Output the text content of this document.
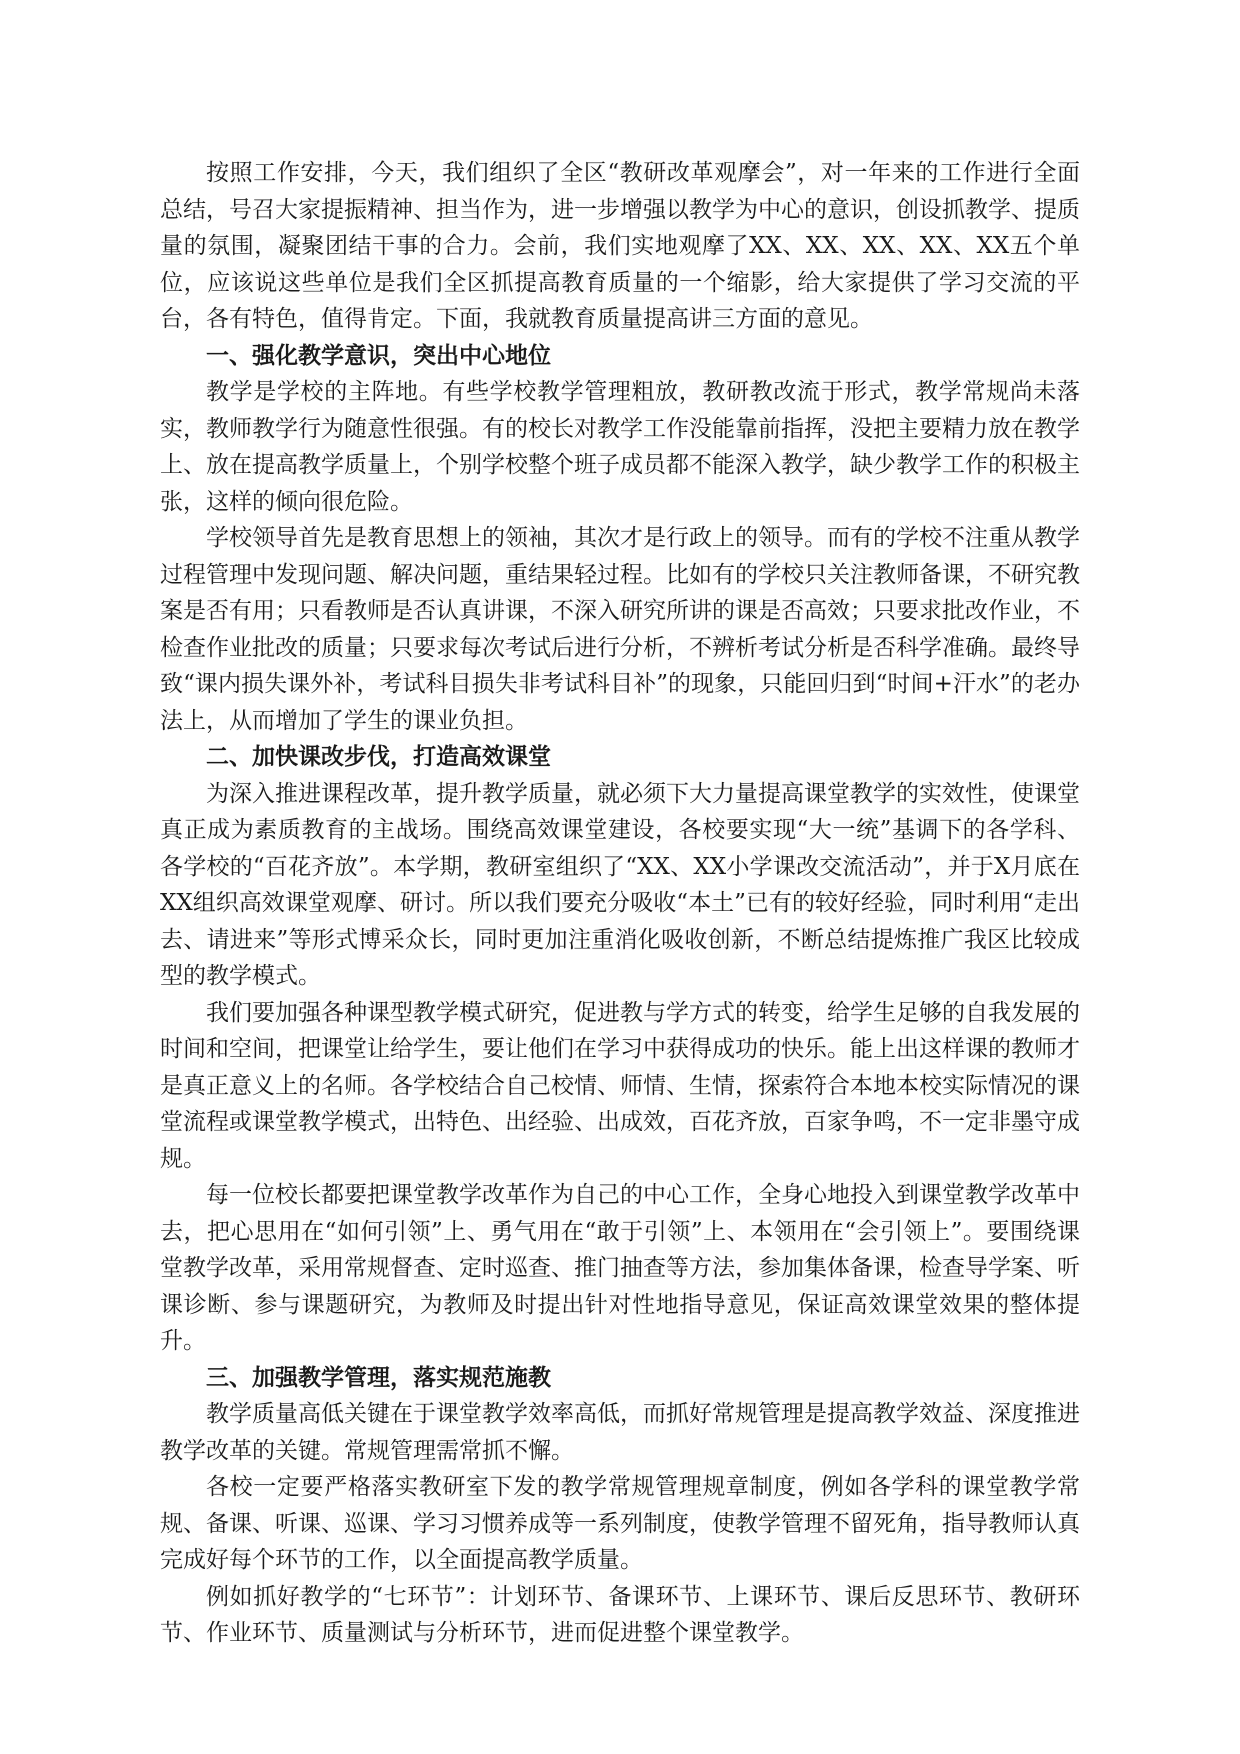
按照工作安排，今天，我们组织了全区“教研改革观摩会”，对一年来的工作进行全面总结，号召大家提振精神、担当作为，进一步增强以教学为中心的意识，创设抓教学、提质量的氛围，凝聚团结干事的合力。会前，我们实地观摩了XX、XX、XX、XX、XX五个单位，应该说这些单位是我们全区抓提高教育质量的一个缩影，给大家提供了学习交流的平台，各有特色，值得肯定。下面，我就教育质量提高讲三方面的意见。

一、强化教学意识，突出中心地位

教学是学校的主阵地。有些学校教学管理粗放，教研教改流于形式，教学常规尚未落实，教师教学行为随意性很强。有的校长对教学工作没能靠前指挥，没把主要精力放在教学上、放在提高教学质量上，个别学校整个班子成员都不能深入教学，缺少教学工作的积极主张，这样的倾向很危险。

学校领导首先是教育思想上的领袖，其次才是行政上的领导。而有的学校不注重从教学过程管理中发现问题、解决问题，重结果轻过程。比如有的学校只关注教师备课，不研究教案是否有用；只看教师是否认真讲课，不深入研究所讲的课是否高效；只要求批改作业，不检查作业批改的质量；只要求每次考试后进行分析，不辨析考试分析是否科学准确。最终导致“课内损失课外补，考试科目损失非考试科目补”的现象，只能回归到“时间+汗水”的老办法上，从而增加了学生的课业负担。

二、加快课改步伐，打造高效课堂

为深入推进课程改革，提升教学质量，就必须下大力量提高课堂教学的实效性，使课堂真正成为素质教育的主战场。围绕高效课堂建设，各校要实现“大一统”基调下的各学科、各学校的“百花齐放”。本学期，教研室组织了“XX、XX小学课改交流活动”，并于X月底在XX组织高效课堂观摩、研讨。所以我们要充分吸收“本土”已有的较好经验，同时利用“走出去、请进来”等形式博采众长，同时更加注重消化吸收创新，不断总结提炼推广我区比较成型的教学模式。

我们要加强各种课型教学模式研究，促进教与学方式的转变，给学生足够的自我发展的时间和空间，把课堂让给学生，要让他们在学习中获得成功的快乐。能上出这样课的教师才是真正意义上的名师。各学校结合自己校情、师情、生情，探索符合本地本校实际情况的课堂流程或课堂教学模式，出特色、出经验、出成效，百花齐放，百家争鸣，不一定非墨守成规。

每一位校长都要把课堂教学改革作为自己的中心工作，全身心地投入到课堂教学改革中去，把心思用在“如何引领”上、勇气用在“敢于引领”上、本领用在“会引领上”。要围绕课堂教学改革，采用常规督查、定时巡查、推门抽查等方法，参加集体备课，检查导学案、听课诊断、参与课题研究，为教师及时提出针对性地指导意见，保证高效课堂效果的整体提升。

三、加强教学管理，落实规范施教

教学质量高低关键在于课堂教学效率高低，而抓好常规管理是提高教学效益、深度推进教学改革的关键。常规管理需常抓不懈。

各校一定要严格落实教研室下发的教学常规管理规章制度，例如各学科的课堂教学常规、备课、听课、巡课、学习习惯养成等一系列制度，使教学管理不留死角，指导教师认真完成好每个环节的工作，以全面提高教学质量。

例如抓好教学的“七环节”：计划环节、备课环节、上课环节、课后反思环节、教研环节、作业环节、质量测试与分析环节，进而促进整个课堂教学。
